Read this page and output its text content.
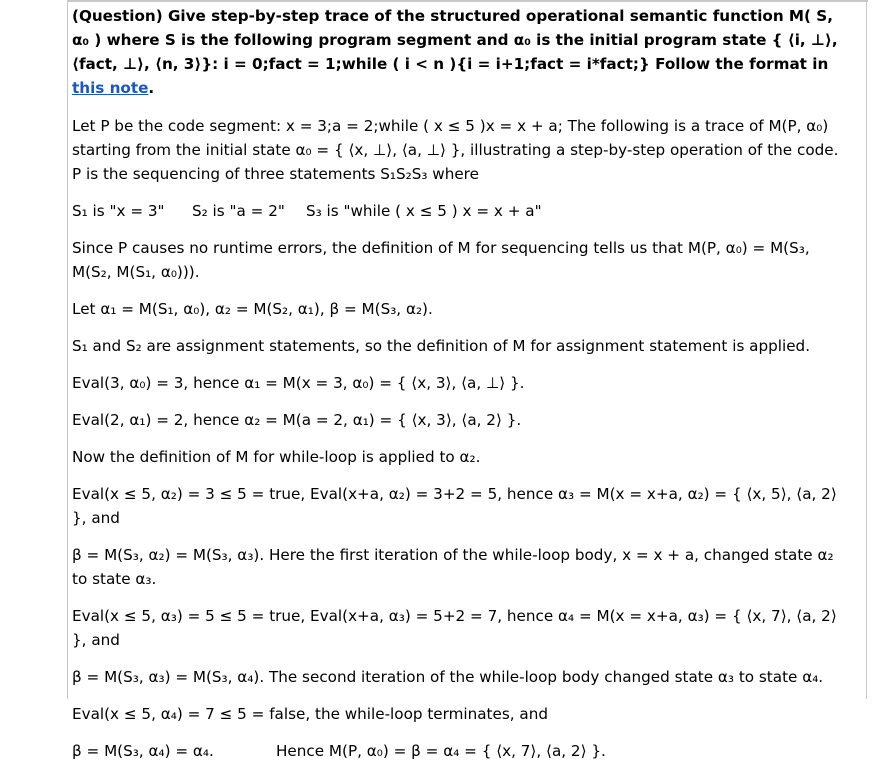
(Question) Give step-by-step trace of the structured operational semantic function M( S, α₀ ) where S is the following program segment and α₀ is the initial program state { ⟨i, ⊥⟩, ⟨fact, ⊥⟩, ⟨n, 3⟩}: i = 0;fact = 1;while ( i < n ){i = i+1;fact = i*fact;} Follow the format in this note.

Let P be the code segment: x = 3;a = 2;while ( x ≤ 5 )x = x + a; The following is a trace of M(P, α₀) starting from the initial state α₀ = { ⟨x, ⊥⟩, ⟨a, ⊥⟩ }, illustrating a step-by-step operation of the code. P is the sequencing of three statements S₁S₂S₃ where

S₁ is "x = 3" S₂ is "a = 2" S₃ is "while ( x ≤ 5 ) x = x + a"

Since P causes no runtime errors, the definition of M for sequencing tells us that M(P, α₀) = M(S₃, M(S₂, M(S₁, α₀))).

Let α₁ = M(S₁, α₀), α₂ = M(S₂, α₁), β = M(S₃, α₂).

S₁ and S₂ are assignment statements, so the definition of M for assignment statement is applied.

Eval(3, α₀) = 3, hence α₁ = M(x = 3, α₀) = { ⟨x, 3⟩, ⟨a, ⊥⟩ }.

Eval(2, α₁) = 2, hence α₂ = M(a = 2, α₁) = { ⟨x, 3⟩, ⟨a, 2⟩ }.

Now the definition of M for while-loop is applied to α₂.

Eval(x ≤ 5, α₂) = 3 ≤ 5 = true, Eval(x+a, α₂) = 3+2 = 5, hence α₃ = M(x = x+a, α₂) = { ⟨x, 5⟩, ⟨a, 2⟩ }, and

β = M(S₃, α₂) = M(S₃, α₃). Here the first iteration of the while-loop body, x = x + a, changed state α₂ to state α₃.

Eval(x ≤ 5, α₃) = 5 ≤ 5 = true, Eval(x+a, α₃) = 5+2 = 7, hence α₄ = M(x = x+a, α₃) = { ⟨x, 7⟩, ⟨a, 2⟩ }, and

β = M(S₃, α₃) = M(S₃, α₄). The second iteration of the while-loop body changed state α₃ to state α₄.

Eval(x ≤ 5, α₄) = 7 ≤ 5 = false, the while-loop terminates, and

β = M(S₃, α₄) = α₄.	Hence M(P, α₀) = β = α₄ = { ⟨x, 7⟩, ⟨a, 2⟩ }.
